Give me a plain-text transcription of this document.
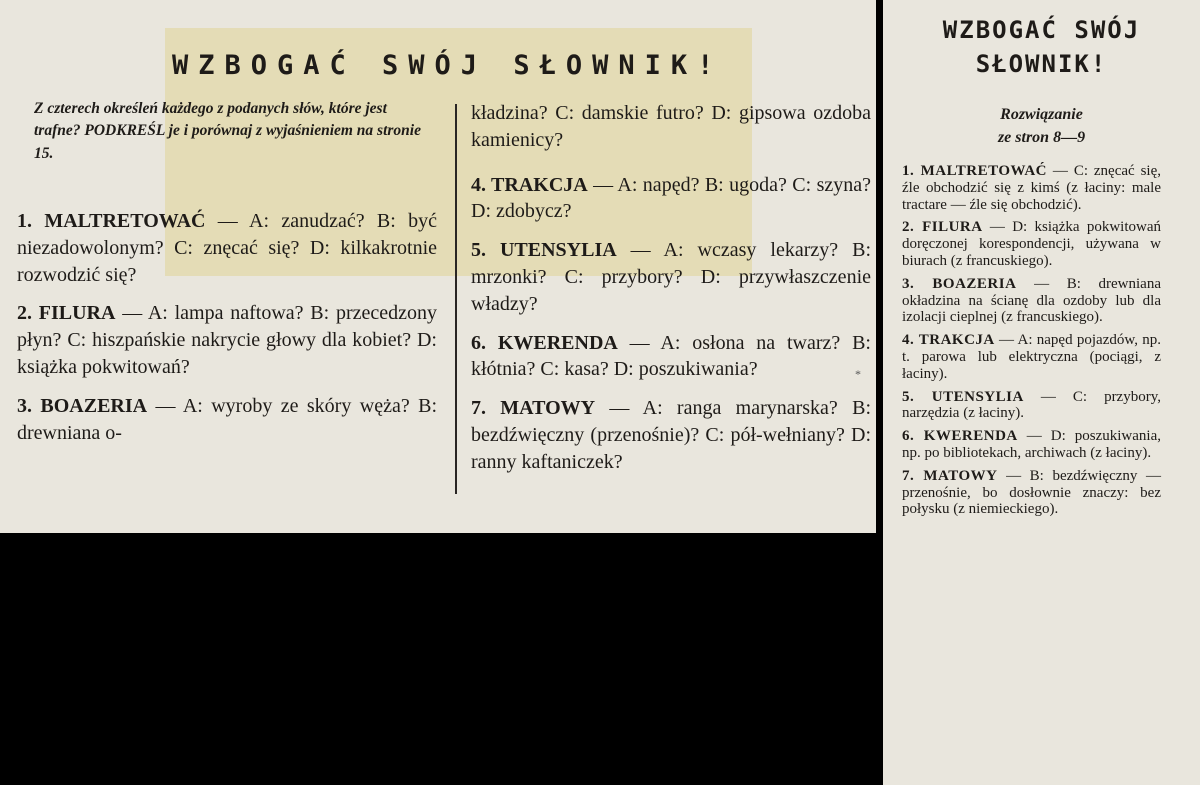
WZBOGAĆ SWÓJ SŁOWNIK!

Z czterech określeń każdego z podanych słów, które jest trafne? PODKREŚL je i porównaj z wyjaśnieniem na stronie 15.

1. MALTRETOWAĆ — A: zanudzać? B: być niezadowolonym? C: znęcać się? D: kilkakrotnie rozwodzić się?

2. FILURA — A: lampa naftowa? B: przecedzony płyn? C: hiszpańskie nakrycie głowy dla kobiet? D: książka pokwitowań?

3. BOAZERIA — A: wyroby ze skóry węża? B: drewniana o-

kładzina? C: damskie futro? D: gipsowa ozdoba kamienicy?

4. TRAKCJA — A: napęd? B: ugoda? C: szyna? D: zdobycz?

5. UTENSYLIA — A: wczasy lekarzy? B: mrzonki? C: przybory? D: przywłaszczenie władzy?

6. KWERENDA — A: osłona na twarz? B: kłótnia? C: kasa? D: poszukiwania?

7. MATOWY — A: ranga marynarska? B: bezdźwięczny (przenośnie)? C: pół-wełniany? D: ranny kaftaniczek?

*
WZBOGAĆ SWÓJ
SŁOWNIK!

Rozwiązanie
ze stron 8—9

1. MALTRETOWAĆ — C: znęcać się, źle obchodzić się z kimś (z łaciny: male tractare — źle się obchodzić).

2. FILURA — D: książka pokwitowań doręczonej korespondencji, używana w biurach (z francuskiego).

3. BOAZERIA — B: drewniana okładzina na ścianę dla ozdoby lub dla izolacji cieplnej (z francuskiego).

4. TRAKCJA — A: napęd pojazdów, np. t. parowa lub elektryczna (pociągi, z łaciny).

5. UTENSYLIA — C: przybory, narzędzia (z łaciny).

6. KWERENDA — D: poszukiwania, np. po bibliotekach, archiwach (z łaciny).

7. MATOWY — B: bezdźwięczny — przenośnie, bo dosłownie znaczy: bez połysku (z niemieckiego).
